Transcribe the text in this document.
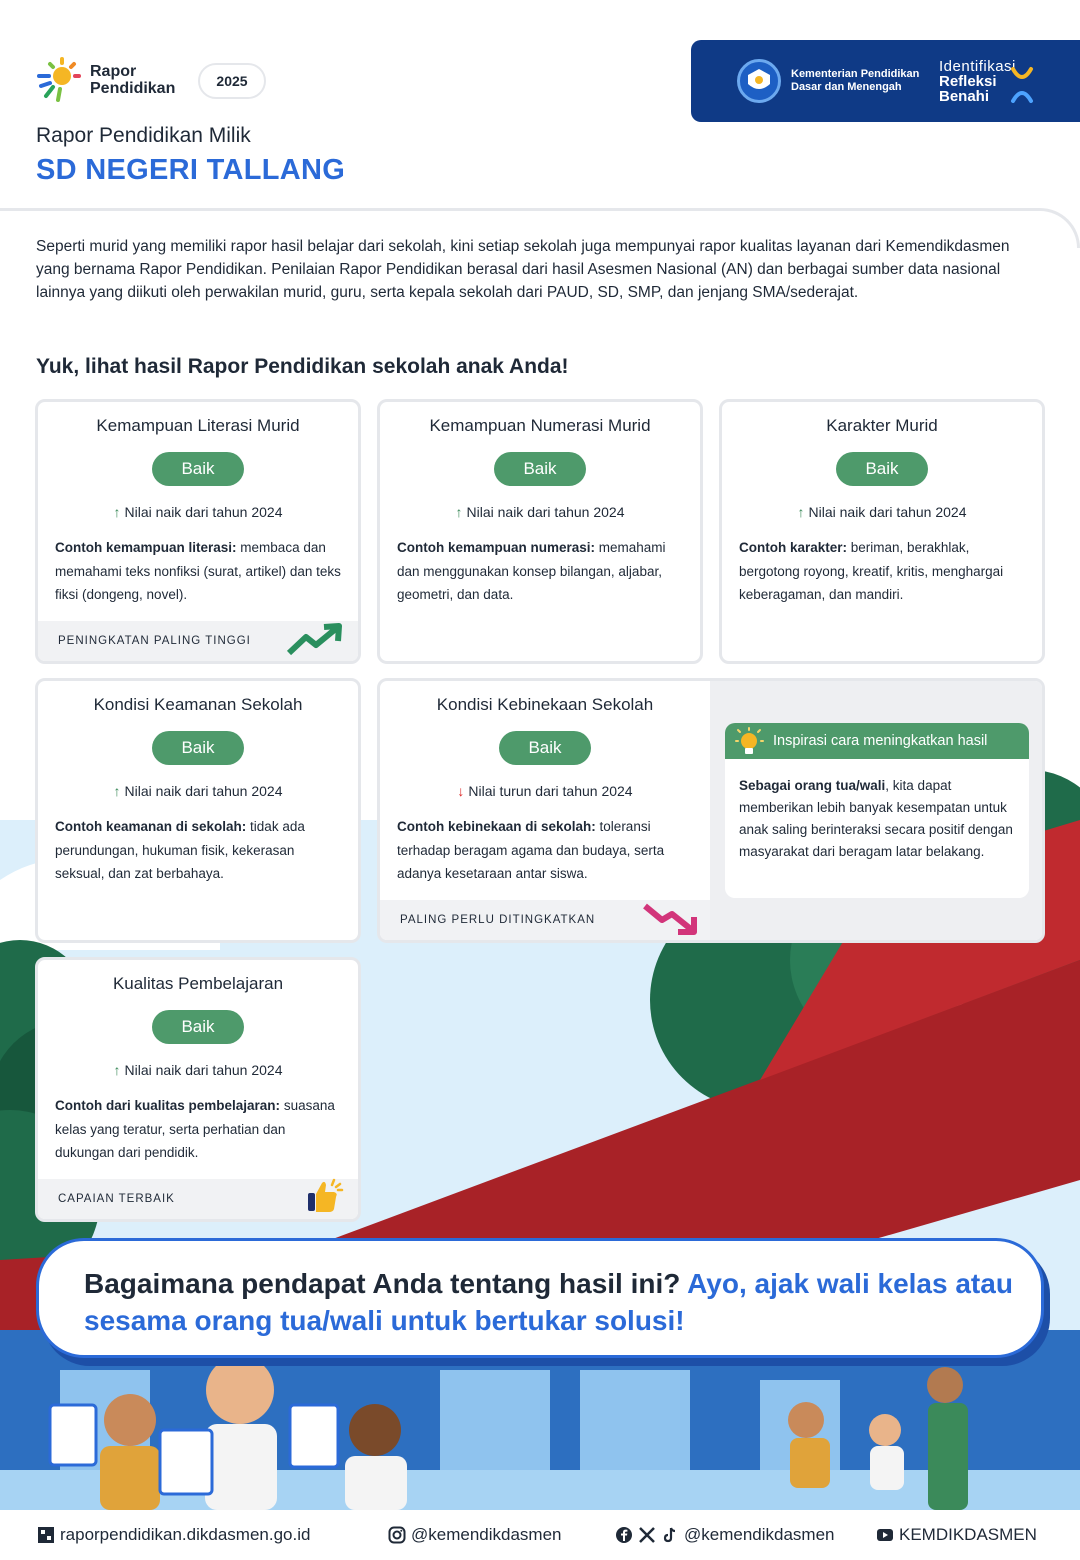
Rapor
Pendidikan	2025	Kementerian Pendidikan Dasar dan Menengah
Identifikasi
Refleksi
Benahi
Rapor Pendidikan Milik
SD NEGERI TALLANG

Seperti murid yang memiliki rapor hasil belajar dari sekolah, kini setiap sekolah juga mempunyai rapor kualitas layanan dari Kemendikdasmen yang bernama Rapor Pendidikan. Penilaian Rapor Pendidikan berasal dari hasil Asesmen Nasional (AN) dan berbagai sumber data nasional lainnya yang diikuti oleh perwakilan murid, guru, serta kepala sekolah dari PAUD, SD, SMP, dan jenjang SMA/sederajat.

Yuk, lihat hasil Rapor Pendidikan sekolah anak Anda!
Kemampuan Literasi Murid
Baik
↑ Nilai naik dari tahun 2024
Contoh kemampuan literasi: membaca dan memahami teks nonfiksi (surat, artikel) dan teks fiksi (dongeng, novel).
PENINGKATAN PALING TINGGI
Kemampuan Numerasi Murid
Baik
↑ Nilai naik dari tahun 2024
Contoh kemampuan numerasi: memahami dan menggunakan konsep bilangan, aljabar, geometri, dan data.
Karakter Murid
Baik
↑ Nilai naik dari tahun 2024
Contoh karakter: beriman, berakhlak, bergotong royong, kreatif, kritis, menghargai keberagaman, dan mandiri.
Kondisi Keamanan Sekolah
Baik
↑ Nilai naik dari tahun 2024
Contoh keamanan di sekolah: tidak ada perundungan, hukuman fisik, kekerasan seksual, dan zat berbahaya.
Kondisi Kebinekaan Sekolah
Baik
↓ Nilai turun dari tahun 2024
Contoh kebinekaan di sekolah: toleransi terhadap beragam agama dan budaya, serta adanya kesetaraan antar siswa.
PALING PERLU DITINGKATKAN
Inspirasi cara meningkatkan hasil
Sebagai orang tua/wali, kita dapat memberikan lebih banyak kesempatan untuk anak saling berinteraksi secara positif dengan masyarakat dari beragam latar belakang.
Kualitas Pembelajaran
Baik
↑ Nilai naik dari tahun 2024
Contoh dari kualitas pembelajaran: suasana kelas yang teratur, serta perhatian dan dukungan dari pendidik.
CAPAIAN TERBAIK
Bagaimana pendapat Anda tentang hasil ini? Ayo, ajak wali kelas atau sesama orang tua/wali untuk bertukar solusi!
raporpendidikan.dikdasmen.go.id	@kemendikdasmen	@kemendikdasmen	KEMDIKDASMEN
